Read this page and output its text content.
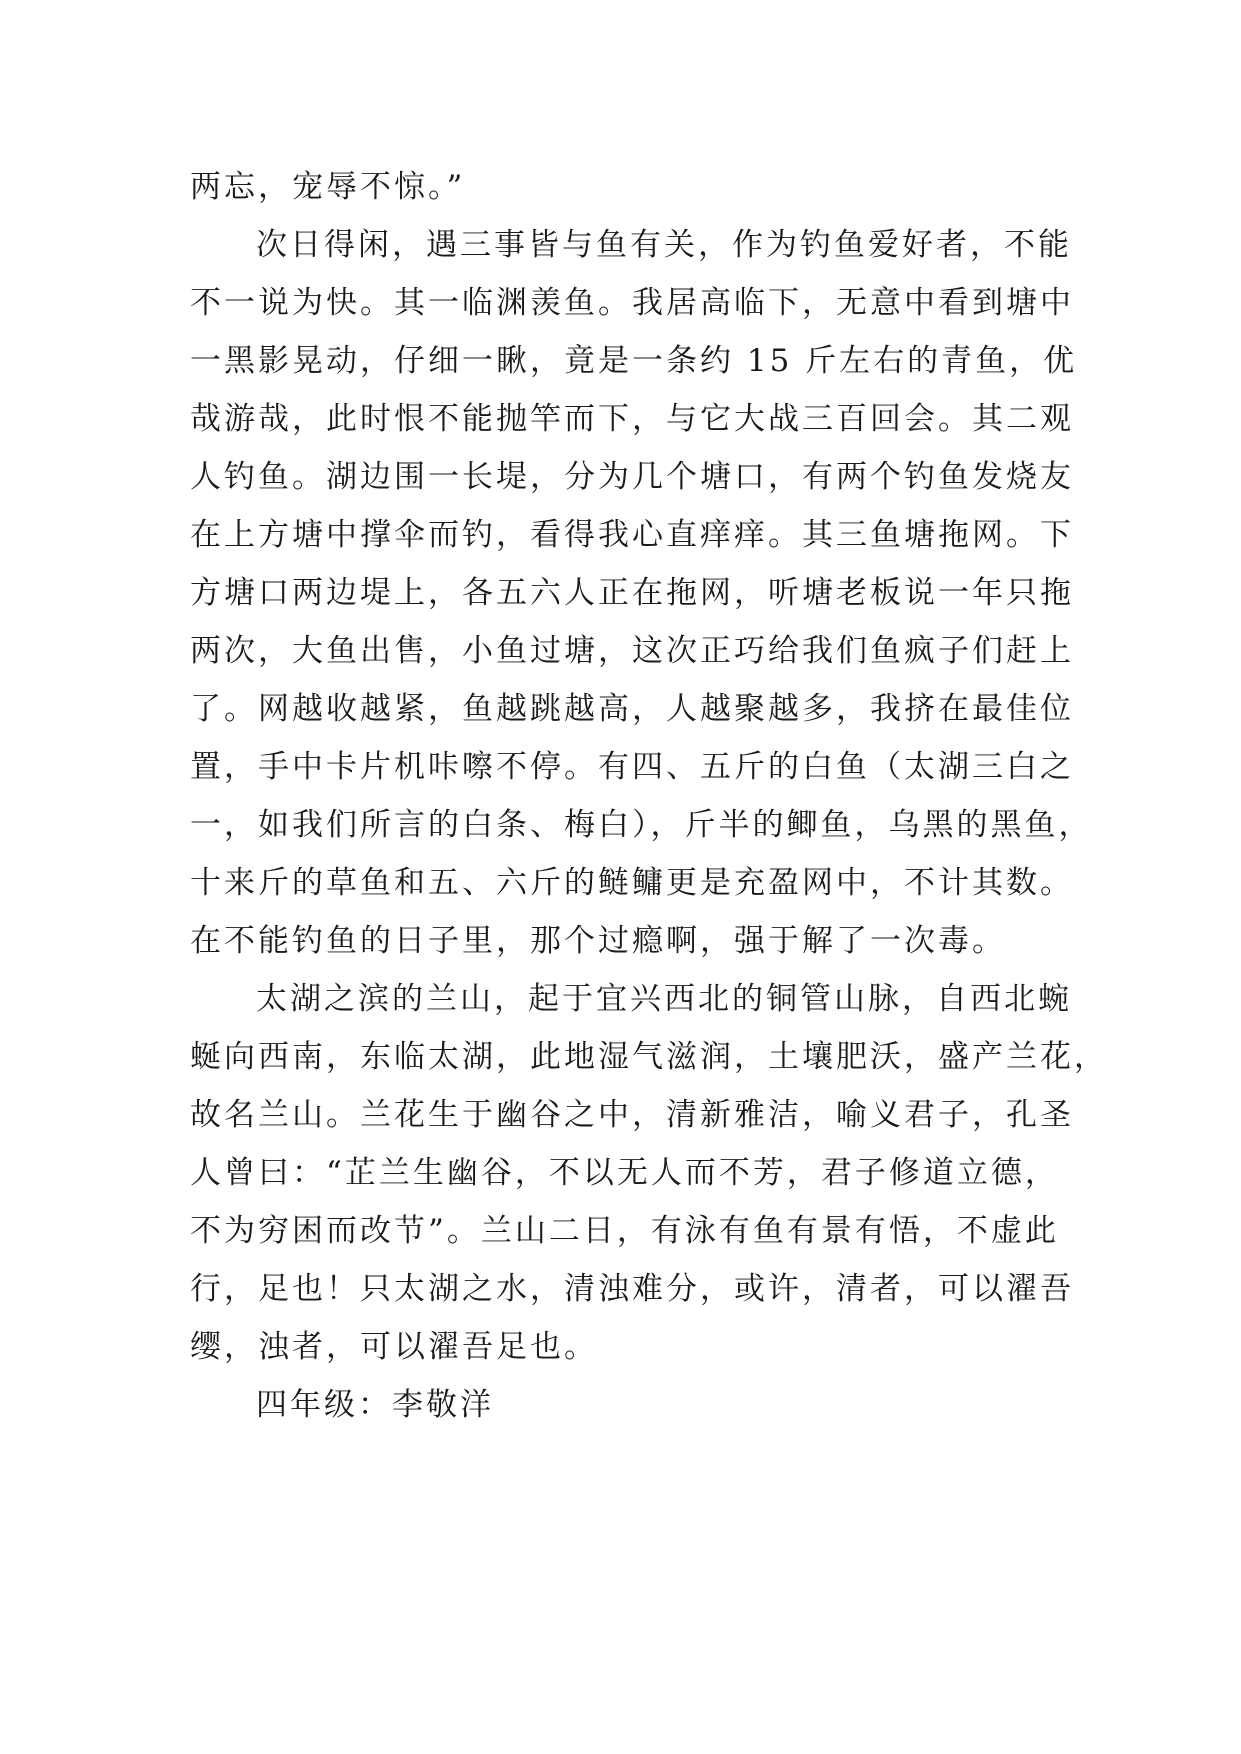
两忘，宠辱不惊。”
次日得闲，遇三事皆与鱼有关，作为钓鱼爱好者，不能
不一说为快。其一临渊羡鱼。我居高临下，无意中看到塘中
一黑影晃动，仔细一瞅，竟是一条约 15 斤左右的青鱼，优
哉游哉，此时恨不能抛竿而下，与它大战三百回会。其二观
人钓鱼。湖边围一长堤，分为几个塘口，有两个钓鱼发烧友
在上方塘中撑伞而钓，看得我心直痒痒。其三鱼塘拖网。下
方塘口两边堤上，各五六人正在拖网，听塘老板说一年只拖
两次，大鱼出售，小鱼过塘，这次正巧给我们鱼疯子们赶上
了。网越收越紧，鱼越跳越高，人越聚越多，我挤在最佳位
置，手中卡片机咔嚓不停。有四、五斤的白鱼（太湖三白之
一，如我们所言的白条、梅白），斤半的鲫鱼，乌黑的黑鱼，
十来斤的草鱼和五、六斤的鲢鳙更是充盈网中，不计其数。
在不能钓鱼的日子里，那个过瘾啊，强于解了一次毒。
太湖之滨的兰山，起于宜兴西北的铜管山脉，自西北蜿
蜒向西南，东临太湖，此地湿气滋润，土壤肥沃，盛产兰花，
故名兰山。兰花生于幽谷之中，清新雅洁，喻义君子，孔圣
人曾曰：“芷兰生幽谷，不以无人而不芳，君子修道立德，
不为穷困而改节”。兰山二日，有泳有鱼有景有悟，不虚此
行，足也！只太湖之水，清浊难分，或许，清者，可以濯吾
缨，浊者，可以濯吾足也。
四年级：李敬洋
